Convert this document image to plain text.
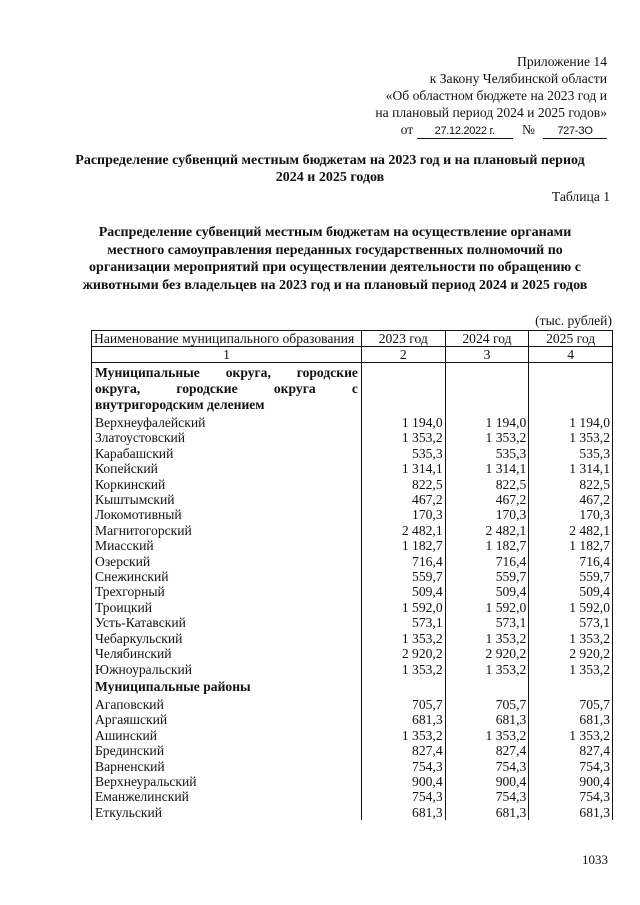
Приложение 14
к Закону Челябинской области
«Об областном бюджете на 2023 год и
на плановый период 2024 и 2025 годов»
от 27.12.2022 г. № 727-ЗО
Распределение субвенций местным бюджетам на 2023 год и на плановый период 2024 и 2025 годов
Таблица 1
Распределение субвенций местным бюджетам на осуществление органами местного самоуправления переданных государственных полномочий по организации мероприятий при осуществлении деятельности по обращению с животными без владельцев на 2023 год и на плановый период 2024 и 2025 годов
(тыс. рублей)
Наименование муниципального образования	2023 год	2024 год	2025 год
1	2	3	4
Муниципальные округа, городские округа, городские округа с внутригородским делением			
Верхнеуфалейский	1 194,0	1 194,0	1 194,0
Златоустовский	1 353,2	1 353,2	1 353,2
Карабашский	535,3	535,3	535,3
Копейский	1 314,1	1 314,1	1 314,1
Коркинский	822,5	822,5	822,5
Кыштымский	467,2	467,2	467,2
Локомотивный	170,3	170,3	170,3
Магнитогорский	2 482,1	2 482,1	2 482,1
Миасский	1 182,7	1 182,7	1 182,7
Озерский	716,4	716,4	716,4
Снежинский	559,7	559,7	559,7
Трехгорный	509,4	509,4	509,4
Троицкий	1 592,0	1 592,0	1 592,0
Усть-Катавский	573,1	573,1	573,1
Чебаркульский	1 353,2	1 353,2	1 353,2
Челябинский	2 920,2	2 920,2	2 920,2
Южноуральский	1 353,2	1 353,2	1 353,2
Муниципальные районы			
Агаповский	705,7	705,7	705,7
Аргаяшский	681,3	681,3	681,3
Ашинский	1 353,2	1 353,2	1 353,2
Брединский	827,4	827,4	827,4
Варненский	754,3	754,3	754,3
Верхнеуральский	900,4	900,4	900,4
Еманжелинский	754,3	754,3	754,3
Еткульский	681,3	681,3	681,3
1033
